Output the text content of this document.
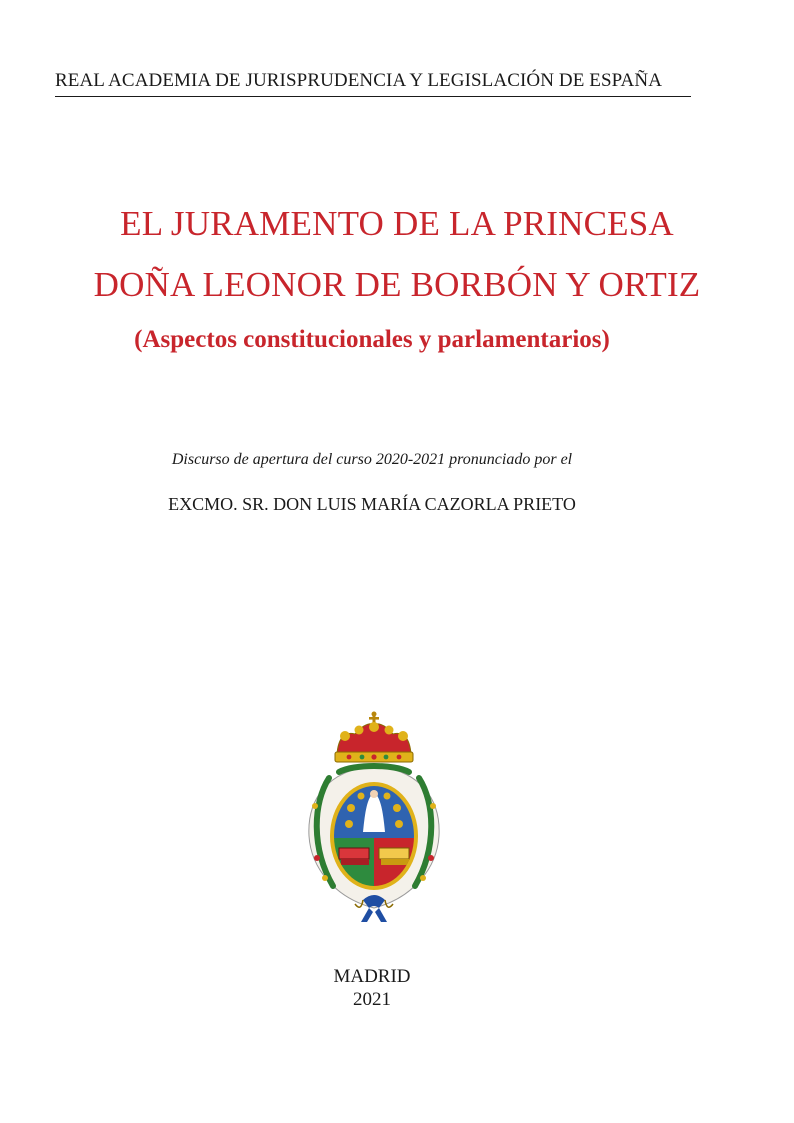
REAL ACADEMIA DE JURISPRUDENCIA Y LEGISLACIÓN DE ESPAÑA
EL JURAMENTO DE LA PRINCESA
DOÑA LEONOR DE BORBÓN Y ORTIZ
(Aspectos constitucionales y parlamentarios)
Discurso de apertura del curso 2020-2021 pronunciado por el
EXCMO. SR. DON LUIS MARÍA CAZORLA PRIETO
MADRID
2021
